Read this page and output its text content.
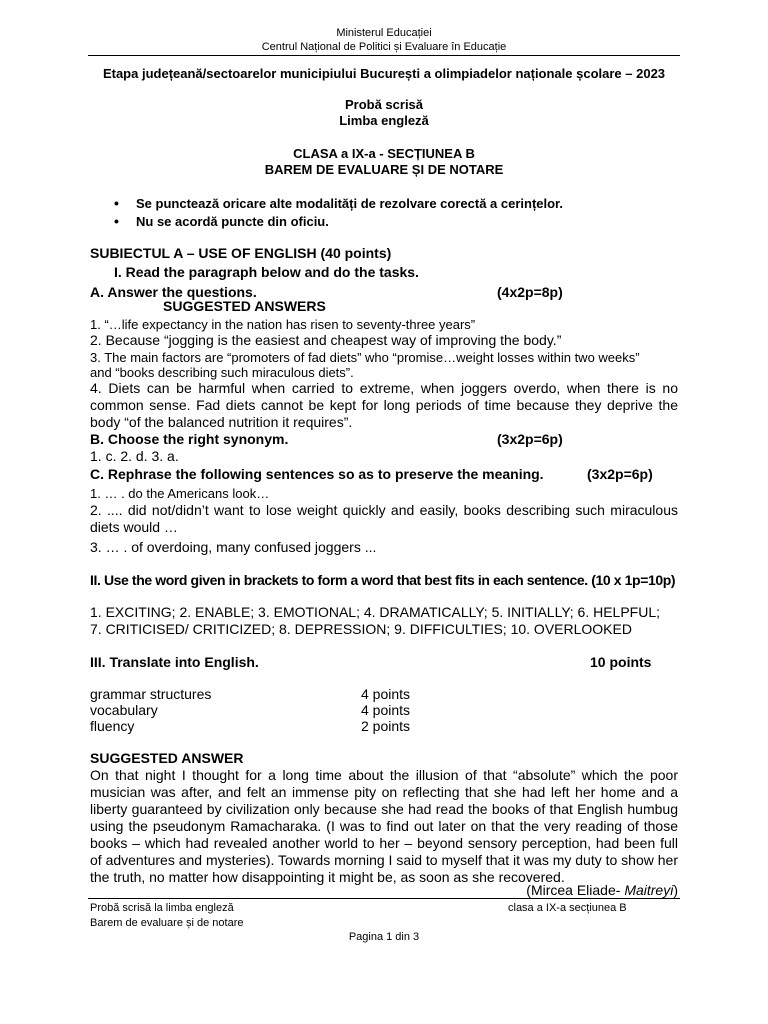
Ministerul Educației
Centrul Național de Politici și Evaluare în Educație
Etapa județeană/sectoarelor municipiului București a olimpiadelor naționale școlare – 2023
Probă scrisă
Limba engleză
CLASA a IX-a - SECȚIUNEA B
BAREM DE EVALUARE ȘI DE NOTARE
• Se punctează oricare alte modalități de rezolvare corectă a cerințelor.
• Nu se acordă puncte din oficiu.
SUBIECTUL A – USE OF ENGLISH (40 points)
I. Read the paragraph below and do the tasks.
A. Answer the questions.	(4x2p=8p)
SUGGESTED ANSWERS
1. “…life expectancy in the nation has risen to seventy-three years”
2. Because “jogging is the easiest and cheapest way of improving the body.”
3. The main factors are “promoters of fad diets” who “promise…weight losses within two weeks”
and “books describing such miraculous diets”.
4. Diets can be harmful when carried to extreme, when joggers overdo, when there is no common sense. Fad diets cannot be kept for long periods of time because they deprive the body “of the balanced nutrition it requires”.
B. Choose the right synonym.	(3x2p=6p)
1. c. 2. d. 3. a.
C. Rephrase the following sentences so as to preserve the meaning.	(3x2p=6p)
1. … . do the Americans look…
2. .... did not/didn’t want to lose weight quickly and easily, books describing such miraculous diets would …
3. … . of overdoing, many confused joggers ...
II. Use the word given in brackets to form a word that best fits in each sentence. (10 x 1p=10p)
1. EXCITING; 2. ENABLE; 3. EMOTIONAL; 4. DRAMATICALLY; 5. INITIALLY; 6. HELPFUL;
7. CRITICISED/ CRITICIZED; 8. DEPRESSION; 9. DIFFICULTIES; 10. OVERLOOKED
III. Translate into English.	10 points
grammar structures	4 points
vocabulary	4 points
fluency	2 points
SUGGESTED ANSWER
On that night I thought for a long time about the illusion of that “absolute” which the poor musician was after, and felt an immense pity on reflecting that she had left her home and a liberty guaranteed by civilization only because she had read the books of that English humbug using the pseudonym Ramacharaka. (I was to find out later on that the very reading of those books – which had revealed another world to her – beyond sensory perception, had been full of adventures and mysteries). Towards morning I said to myself that it was my duty to show her the truth, no matter how disappointing it might be, as soon as she recovered.
(Mircea Eliade- Maitreyi)
Probă scrisă la limba engleză
Barem de evaluare și de notare
clasa a IX-a secțiunea B
Pagina 1 din 3
